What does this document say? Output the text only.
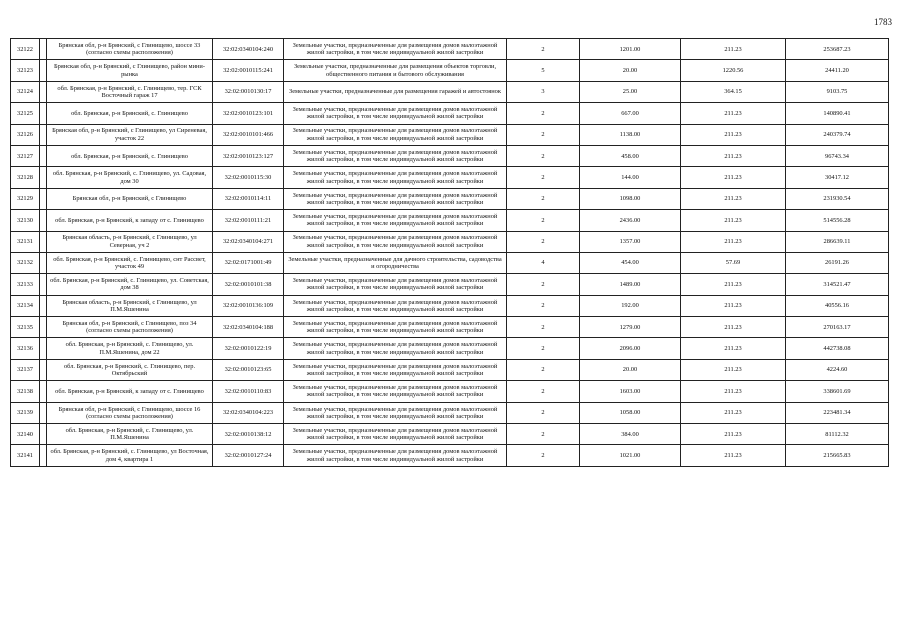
1783
32122		Брянская обл, р-н Брянский, с Глинищево, шоссе 33 (согласно схемы расположения)	32:02:0340104:240	Земельные участки, предназначенные для размещения домов малоэтажной жилой застройки, в том числе индивидуальной жилой застройки	2	1201.00	211.23	253687.23
32123		Брянская обл, р-н Брянский, с Глинищево, район мини-рынка	32:02:0010115:241	Земельные участки, предназначенные для размещения объектов торговли, общественного питания и бытового обслуживания	5	20.00	1220.56	24411.20
32124		обл. Брянская, р-н Брянский, с. Глинищево, тер. ГСК Восточный гараж 17	32:02:0010130:17	Земельные участки, предназначенные для размещения гаражей и автостоянок	3	25.00	364.15	9103.75
32125		обл. Брянская, р-н Брянский, с. Глинищево	32:02:0010123:101	Земельные участки, предназначенные для размещения домов малоэтажной жилой застройки, в том числе индивидуальной жилой застройки	2	667.00	211.23	140890.41
32126		Брянская обл, р-н Брянский, с Глинищево, ул Сиреневая, участок 22	32:02:0010101:466	Земельные участки, предназначенные для размещения домов малоэтажной жилой застройки, в том числе индивидуальной жилой застройки	2	1138.00	211.23	240379.74
32127		обл. Брянская, р-н Брянский, с. Глинищево	32:02:0010123:127	Земельные участки, предназначенные для размещения домов малоэтажной жилой застройки, в том числе индивидуальной жилой застройки	2	458.00	211.23	96743.34
32128		обл. Брянская, р-н Брянский, с. Глинищево, ул. Садовая, дом 30	32:02:0010115:30	Земельные участки, предназначенные для размещения домов малоэтажной жилой застройки, в том числе индивидуальной жилой застройки	2	144.00	211.23	30417.12
32129		Брянская обл, р-н Брянский, с Глинищево	32:02:0010114:11	Земельные участки, предназначенные для размещения домов малоэтажной жилой застройки, в том числе индивидуальной жилой застройки	2	1098.00	211.23	231930.54
32130		обл. Брянская, р-н Брянский, к западу от с. Глинищево	32:02:0010111:21	Земельные участки, предназначенные для размещения домов малоэтажной жилой застройки, в том числе индивидуальной жилой застройки	2	2436.00	211.23	514556.28
32131		Брянская область, р-н Брянский, с Глинищево, ул Северная, уч 2	32:02:0340104:271	Земельные участки, предназначенные для размещения домов малоэтажной жилой застройки, в том числе индивидуальной жилой застройки	2	1357.00	211.23	286639.11
32132		обл. Брянская, р-н Брянский, с. Глинищево, снт Рассвет, участок 49	32:02:0171001:49	Земельные участки, предназначенные для дачного строительства, садоводства и огородничества	4	454.00	57.69	26191.26
32133		обл. Брянская, р-н Брянский, с. Глинищево, ул. Советская, дом 38	32:02:0010101:38	Земельные участки, предназначенные для размещения домов малоэтажной жилой застройки, в том числе индивидуальной жилой застройки	2	1489.00	211.23	314521.47
32134		Брянская область, р-н Брянский, с Глинищево, ул П.М.Яшенина	32:02:0010136:109	Земельные участки, предназначенные для размещения домов малоэтажной жилой застройки, в том числе индивидуальной жилой застройки	2	192.00	211.23	40556.16
32135		Брянская обл, р-н Брянский, с Глинищево, поз 34 (согласно схемы расположения)	32:02:0340104:188	Земельные участки, предназначенные для размещения домов малоэтажной жилой застройки, в том числе индивидуальной жилой застройки	2	1279.00	211.23	270163.17
32136		обл. Брянская, р-н Брянский, с. Глинищево, ул. П.М.Яшенина, дом 22	32:02:0010122:19	Земельные участки, предназначенные для размещения домов малоэтажной жилой застройки, в том числе индивидуальной жилой застройки	2	2096.00	211.23	442738.08
32137		обл. Брянская, р-н Брянский, с. Глинищево, пер. Октябрьский	32:02:0010123:65	Земельные участки, предназначенные для размещения домов малоэтажной жилой застройки, в том числе индивидуальной жилой застройки	2	20.00	211.23	4224.60
32138		обл. Брянская, р-н Брянский, к западу от с. Глинищево	32:02:0010110:83	Земельные участки, предназначенные для размещения домов малоэтажной жилой застройки, в том числе индивидуальной жилой застройки	2	1603.00	211.23	338601.69
32139		Брянская обл, р-н Брянский, с Глинищево, шоссе 16 (согласно схемы расположения)	32:02:0340104:223	Земельные участки, предназначенные для размещения домов малоэтажной жилой застройки, в том числе индивидуальной жилой застройки	2	1058.00	211.23	223481.34
32140		обл. Брянская, р-н Брянский, с. Глинищево, ул. П.М.Яшенина	32:02:0010138:12	Земельные участки, предназначенные для размещения домов малоэтажной жилой застройки, в том числе индивидуальной жилой застройки	2	384.00	211.23	81112.32
32141		обл. Брянская, р-н Брянский, с. Глинищево, ул Восточная, дом 4, квартира 1	32:02:0010127:24	Земельные участки, предназначенные для размещения домов малоэтажной жилой застройки, в том числе индивидуальной жилой застройки	2	1021.00	211.23	215665.83
